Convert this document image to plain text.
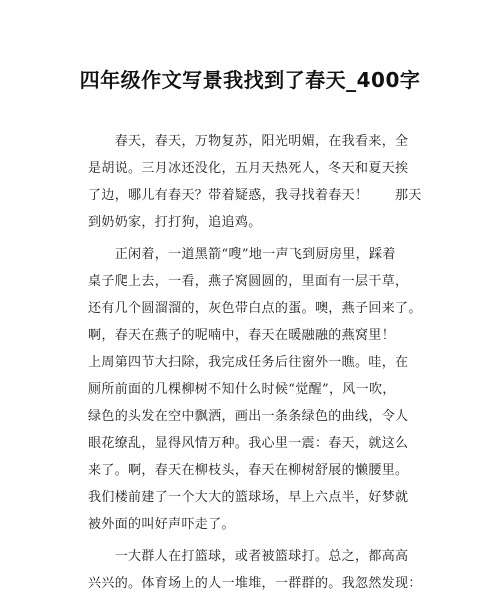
四年级作文写景我找到了春天_400字
　　春天，春天，万物复苏，阳光明媚，在我看来，全
是胡说。三月冰还没化，五月天热死人，冬天和夏天挨
了边，哪儿有春天？带着疑惑，我寻找着春天！　　那天
到奶奶家，打打狗，追追鸡。
　　正闲着，一道黑箭“嗖”地一声飞到厨房里，踩着
桌子爬上去，一看，燕子窝圆圆的，里面有一层干草，
还有几个圆溜溜的，灰色带白点的蛋。噢，燕子回来了。
啊，春天在燕子的呢喃中，春天在暖融融的燕窝里！
上周第四节大扫除，我完成任务后往窗外一瞧。哇，在
厕所前面的几棵柳树不知什么时候“觉醒”，风一吹，
绿色的头发在空中飘洒，画出一条条绿色的曲线，令人
眼花缭乱，显得风情万种。我心里一震：春天，就这么
来了。啊，春天在柳枝头，春天在柳树舒展的懒腰里。
我们楼前建了一个大大的篮球场，早上六点半，好梦就
被外面的叫好声吓走了。
　　一大群人在打篮球，或者被篮球打。总之，都高高
兴兴的。体育场上的人一堆堆，一群群的。我忽然发现：
